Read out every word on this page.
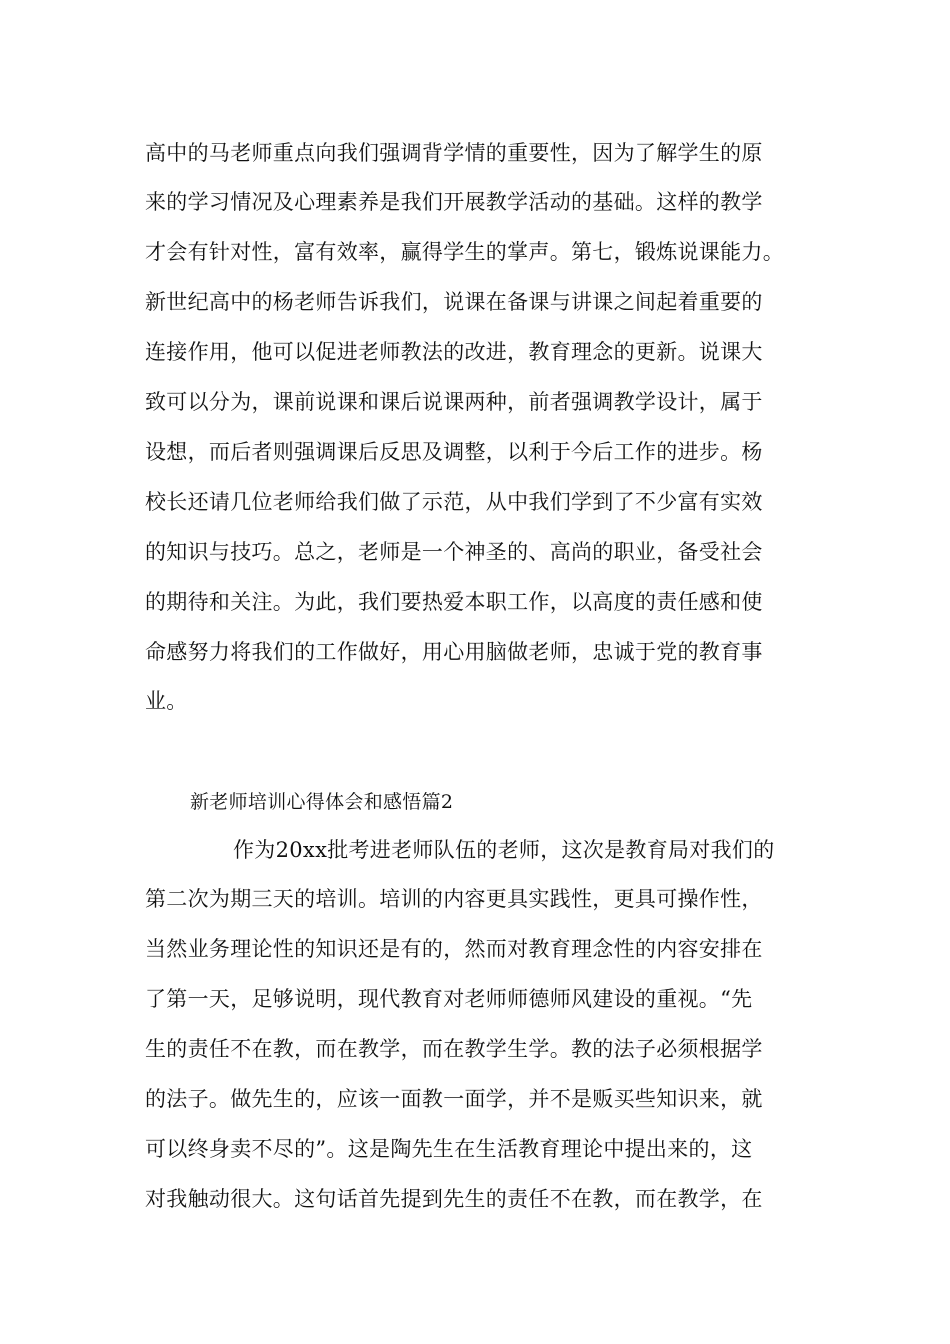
高中的马老师重点向我们强调背学情的重要性，因为了解学生的原
来的学习情况及心理素养是我们开展教学活动的基础。这样的教学
才会有针对性，富有效率，赢得学生的掌声。第七，锻炼说课能力。
新世纪高中的杨老师告诉我们，说课在备课与讲课之间起着重要的
连接作用，他可以促进老师教法的改进，教育理念的更新。说课大
致可以分为，课前说课和课后说课两种，前者强调教学设计，属于
设想，而后者则强调课后反思及调整，以利于今后工作的进步。杨
校长还请几位老师给我们做了示范，从中我们学到了不少富有实效
的知识与技巧。总之，老师是一个神圣的、高尚的职业，备受社会
的期待和关注。为此，我们要热爱本职工作，以高度的责任感和使
命感努力将我们的工作做好，用心用脑做老师，忠诚于党的教育事
业。
新老师培训心得体会和感悟篇2
作为20xx批考进老师队伍的老师，这次是教育局对我们的
第二次为期三天的培训。培训的内容更具实践性，更具可操作性，
当然业务理论性的知识还是有的，然而对教育理念性的内容安排在
了第一天，足够说明，现代教育对老师师德师风建设的重视。“先
生的责任不在教，而在教学，而在教学生学。教的法子必须根据学
的法子。做先生的，应该一面教一面学，并不是贩买些知识来，就
可以终身卖不尽的”。这是陶先生在生活教育理论中提出来的，这
对我触动很大。这句话首先提到先生的责任不在教，而在教学，在
